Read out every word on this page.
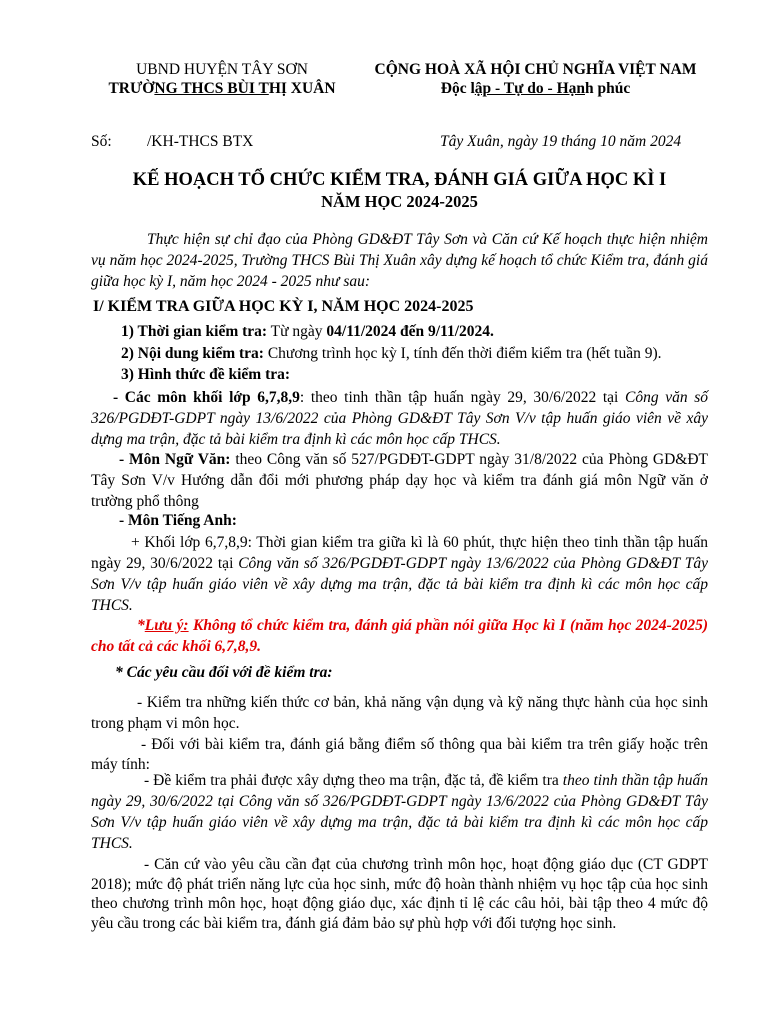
UBND HUYỆN TÂY SƠN
TRƯỜNG THCS BÙI THỊ XUÂN
CỘNG HOÀ XÃ HỘI CHỦ NGHĨA VIỆT NAM
Độc lập - Tự do - Hạnh phúc
Số: /KH-THCS BTX	Tây Xuân, ngày 19 tháng 10 năm 2024
KẾ HOẠCH TỔ CHỨC KIỂM TRA, ĐÁNH GIÁ GIỮA HỌC KÌ I
NĂM HỌC 2024-2025
Thực hiện sự chỉ đạo của Phòng GD&ĐT Tây Sơn và Căn cứ Kế hoạch thực hiện nhiệm vụ năm học 2024-2025, Trường THCS Bùi Thị Xuân xây dựng kế hoạch tổ chức Kiểm tra, đánh giá giữa học kỳ I, năm học 2024 - 2025 như sau:
I/ KIỂM TRA GIỮA HỌC KỲ I, NĂM HỌC 2024-2025
1) Thời gian kiểm tra: Từ ngày 04/11/2024 đến 9/11/2024.
2) Nội dung kiểm tra: Chương trình học kỳ I, tính đến thời điểm kiểm tra (hết tuần 9).
3) Hình thức đề kiểm tra:
- Các môn khối lớp 6,7,8,9: theo tinh thần tập huấn ngày 29, 30/6/2022 tại Công văn số 326/PGDĐT-GDPT ngày 13/6/2022 của Phòng GD&ĐT Tây Sơn V/v tập huấn giáo viên về xây dựng ma trận, đặc tả bài kiểm tra định kì các môn học cấp THCS.
- Môn Ngữ Văn: theo Công văn số 527/PGDĐT-GDPT ngày 31/8/2022 của Phòng GD&ĐT Tây Sơn V/v Hướng dẫn đổi mới phương pháp dạy học và kiểm tra đánh giá môn Ngữ văn ở trường phổ thông
- Môn Tiếng Anh:
+ Khối lớp 6,7,8,9: Thời gian kiểm tra giữa kì là 60 phút, thực hiện theo tinh thần tập huấn ngày 29, 30/6/2022 tại Công văn số 326/PGDĐT-GDPT ngày 13/6/2022 của Phòng GD&ĐT Tây Sơn V/v tập huấn giáo viên về xây dựng ma trận, đặc tả bài kiểm tra định kì các môn học cấp THCS.
*Lưu ý: Không tổ chức kiểm tra, đánh giá phần nói giữa Học kì I (năm học 2024-2025) cho tất cả các khối 6,7,8,9.
* Các yêu cầu đối với đề kiểm tra:
- Kiểm tra những kiến thức cơ bản, khả năng vận dụng và kỹ năng thực hành của học sinh trong phạm vi môn học.
- Đối với bài kiểm tra, đánh giá bằng điểm số thông qua bài kiểm tra trên giấy hoặc trên máy tính:
- Đề kiểm tra phải được xây dựng theo ma trận, đặc tả, đề kiểm tra theo tinh thần tập huấn ngày 29, 30/6/2022 tại Công văn số 326/PGDĐT-GDPT ngày 13/6/2022 của Phòng GD&ĐT Tây Sơn V/v tập huấn giáo viên về xây dựng ma trận, đặc tả bài kiểm tra định kì các môn học cấp THCS.
- Căn cứ vào yêu cầu cần đạt của chương trình môn học, hoạt động giáo dục (CT GDPT 2018); mức độ phát triển năng lực của học sinh, mức độ hoàn thành nhiệm vụ học tập của học sinh theo chương trình môn học, hoạt động giáo dục, xác định tỉ lệ các câu hỏi, bài tập theo 4 mức độ yêu cầu trong các bài kiểm tra, đánh giá đảm bảo sự phù hợp với đối tượng học sinh.
